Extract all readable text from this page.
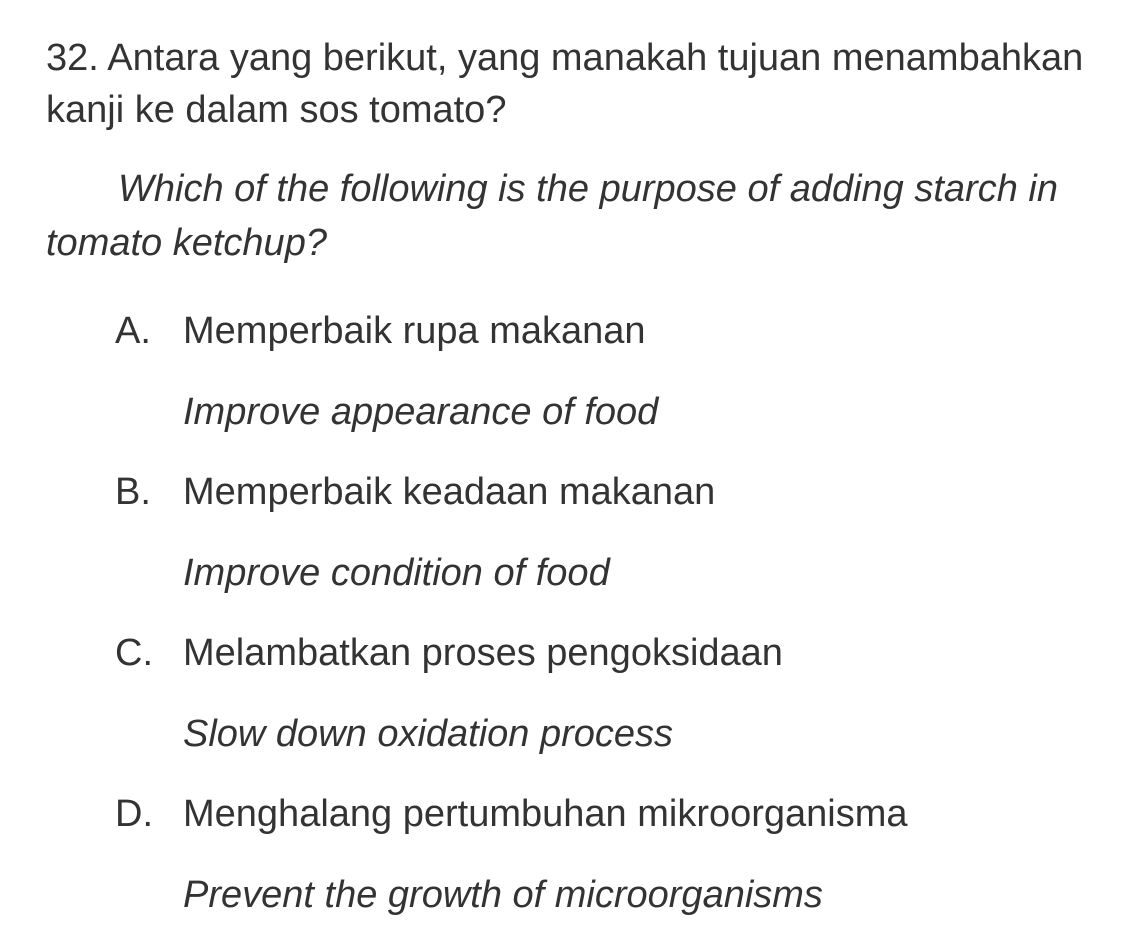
32. Antara yang berikut, yang manakah tujuan menambahkan kanji ke dalam sos tomato?
Which of the following is the purpose of adding starch in tomato ketchup?
A. Memperbaik rupa makanan
Improve appearance of food
B. Memperbaik keadaan makanan
Improve condition of food
C. Melambatkan proses pengoksidaan
Slow down oxidation process
D. Menghalang pertumbuhan mikroorganisma
Prevent the growth of microorganisms
